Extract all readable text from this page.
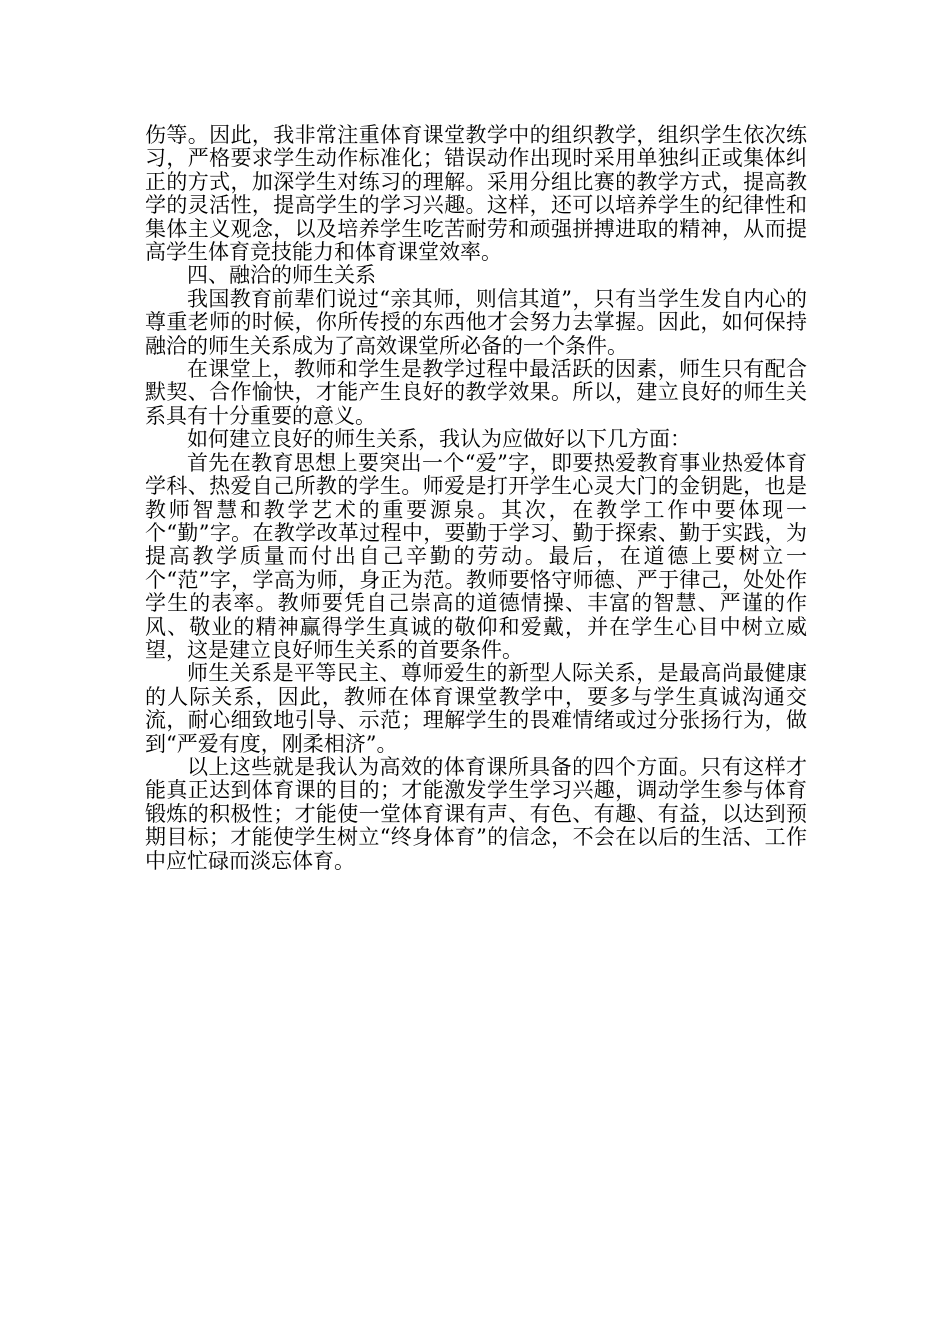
伤等。因此，我非常注重体育课堂教学中的组织教学，组织学生依次练习，严格要求学生动作标准化；错误动作出现时采用单独纠正或集体纠正的方式，加深学生对练习的理解。采用分组比赛的教学方式，提高教学的灵活性，提高学生的学习兴趣。这样，还可以培养学生的纪律性和集体主义观念，以及培养学生吃苦耐劳和顽强拼搏进取的精神，从而提高学生体育竞技能力和体育课堂效率。

四、融洽的师生关系

我国教育前辈们说过“亲其师，则信其道”，只有当学生发自内心的尊重老师的时候，你所传授的东西他才会努力去掌握。因此，如何保持融洽的师生关系成为了高效课堂所必备的一个条件。

在课堂上，教师和学生是教学过程中最活跃的因素，师生只有配合默契、合作愉快，才能产生良好的教学效果。所以，建立良好的师生关系具有十分重要的意义。

如何建立良好的师生关系，我认为应做好以下几方面：

首先在教育思想上要突出一个“爱”字，即要热爱教育事业热爱体育学科、热爱自己所教的学生。师爱是打开学生心灵大门的金钥匙，也是教师智慧和教学艺术的重要源泉。其次，在教学工作中要体现一个“勤”字。在教学改革过程中，要勤于学习、勤于探索、勤于实践，为提高教学质量而付出自己辛勤的劳动。最后，在道德上要树立一个“范”字，学高为师，身正为范。教师要恪守师德、严于律己，处处作学生的表率。教师要凭自己崇高的道德情操、丰富的智慧、严谨的作风、敬业的精神赢得学生真诚的敬仰和爱戴，并在学生心目中树立威望，这是建立良好师生关系的首要条件。

师生关系是平等民主、尊师爱生的新型人际关系，是最高尚最健康的人际关系，因此，教师在体育课堂教学中，要多与学生真诚沟通交流，耐心细致地引导、示范；理解学生的畏难情绪或过分张扬行为，做到“严爱有度，刚柔相济”。

以上这些就是我认为高效的体育课所具备的四个方面。只有这样才能真正达到体育课的目的；才能激发学生学习兴趣，调动学生参与体育锻炼的积极性；才能使一堂体育课有声、有色、有趣、有益，以达到预期目标；才能使学生树立“终身体育”的信念，不会在以后的生活、工作中应忙碌而淡忘体育。
